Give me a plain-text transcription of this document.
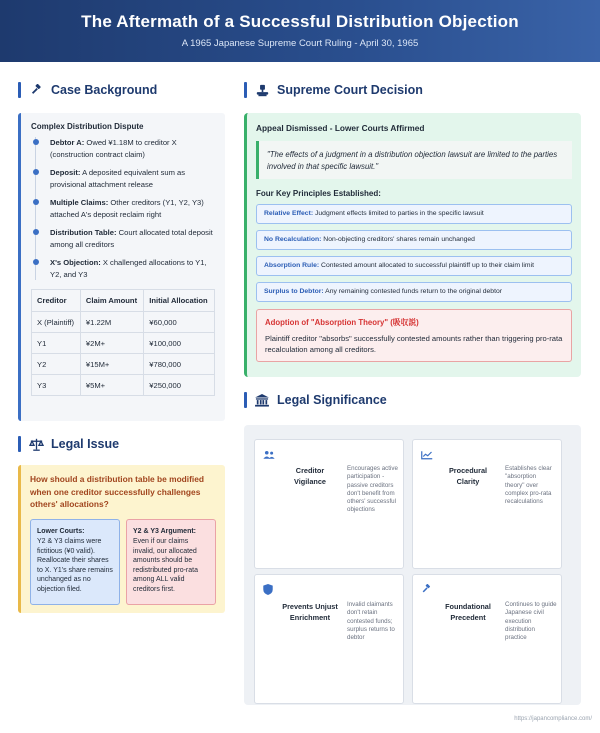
The Aftermath of a Successful Distribution Objection
A 1965 Japanese Supreme Court Ruling - April 30, 1965
Case Background
Complex Distribution Dispute
Debtor A: Owed ¥1.18M to creditor X (construction contract claim)
Deposit: A deposited equivalent sum as provisional attachment release
Multiple Claims: Other creditors (Y1, Y2, Y3) attached A's deposit reclaim right
Distribution Table: Court allocated total deposit among all creditors
X's Objection: X challenged allocations to Y1, Y2, and Y3
Creditor	Claim Amount	Initial Allocation
X (Plaintiff)	¥1.22M	¥60,000
Y1	¥2M+	¥100,000
Y2	¥15M+	¥780,000
Y3	¥5M+	¥250,000
Legal Issue
How should a distribution table be modified when one creditor successfully challenges others' allocations?
Lower Courts:
Y2 & Y3 claims were fictitious (¥0 valid). Reallocate their shares to X. Y1's share remains unchanged as no objection filed.
Y2 & Y3 Argument:
Even if our claims invalid, our allocated amounts should be redistributed pro-rata among ALL valid creditors first.
Supreme Court Decision
Appeal Dismissed - Lower Courts Affirmed
"The effects of a judgment in a distribution objection lawsuit are limited to the parties involved in that specific lawsuit."
Four Key Principles Established:
Relative Effect: Judgment effects limited to parties in the specific lawsuit
No Recalculation: Non-objecting creditors' shares remain unchanged
Absorption Rule: Contested amount allocated to successful plaintiff up to their claim limit
Surplus to Debtor: Any remaining contested funds return to the original debtor
Adoption of "Absorption Theory" (吸収説)
Plaintiff creditor "absorbs" successfully contested amounts rather than triggering pro-rata recalculation among all creditors.
Legal Significance
Creditor Vigilance
Encourages active participation - passive creditors don't benefit from others' successful objections
Procedural Clarity
Establishes clear "absorption theory" over complex pro-rata recalculations
Prevents Unjust Enrichment
Invalid claimants don't retain contested funds; surplus returns to debtor
Foundational Precedent
Continues to guide Japanese civil execution distribution practice
https://japancompliance.com/
